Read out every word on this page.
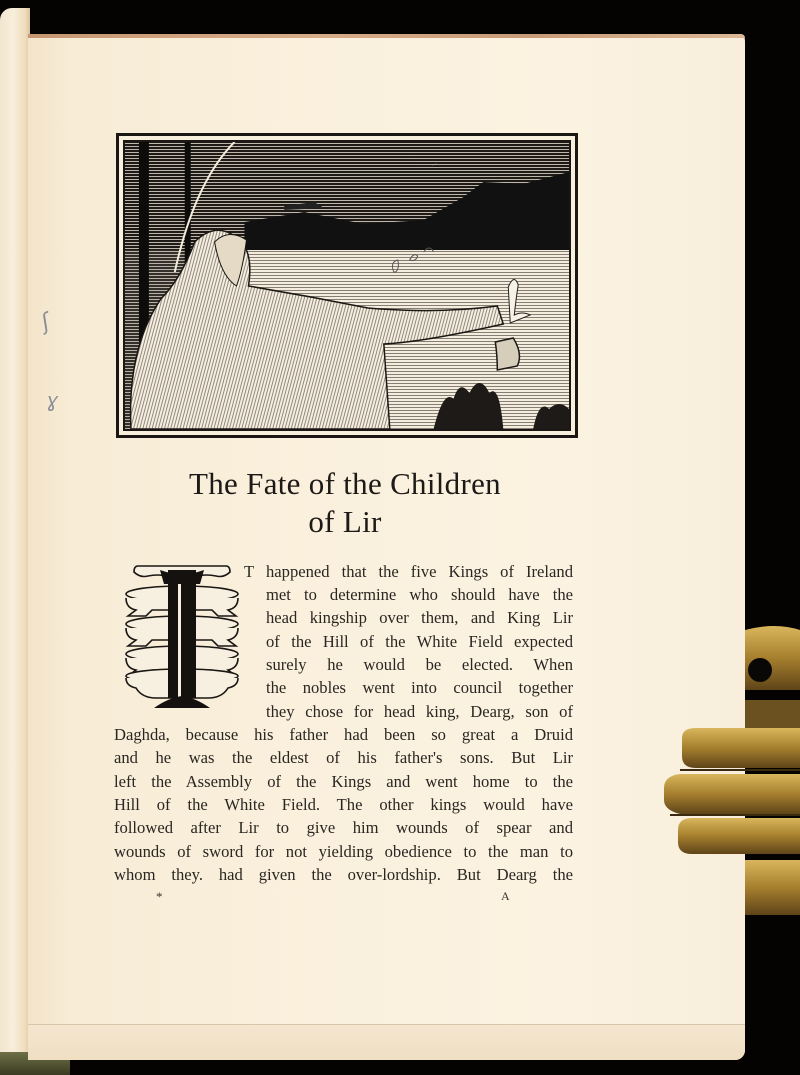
ʃ
ɣ
The Fate of the Children
of Lir
T happened that the five Kings of Ireland
met to determine who should have the
head kingship over them, and King Lir
of the Hill of the White Field expected
surely he would be elected. When
the nobles went into council together
they chose for head king, Dearg, son of
Daghda, because his father had been so great a Druid
and he was the eldest of his father's sons. But Lir
left the Assembly of the Kings and went home to the
Hill of the White Field. The other kings would have
followed after Lir to give him wounds of spear and
wounds of sword for not yielding obedience to the man to
whom they. had given the over-lordship. But Dearg the
*	A
